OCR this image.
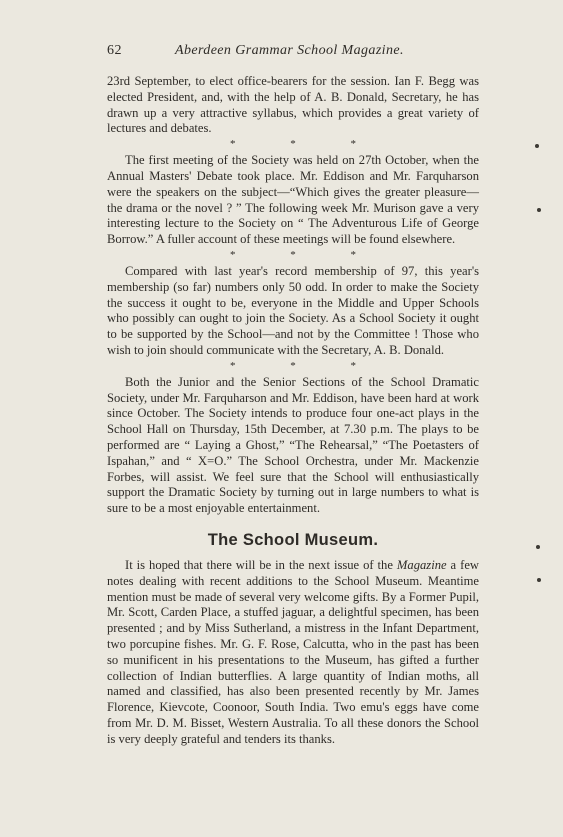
62	Aberdeen Grammar School Magazine.

23rd September, to elect office-bearers for the session. Ian F. Begg was elected President, and, with the help of A. B. Donald, Secretary, he has drawn up a very attractive syllabus, which provides a great variety of lectures and debates.

* * *

The first meeting of the Society was held on 27th October, when the Annual Masters' Debate took place. Mr. Eddison and Mr. Farquharson were the speakers on the subject—“Which gives the greater pleasure—the drama or the novel ? ” The following week Mr. Murison gave a very interesting lecture to the Society on “ The Adventurous Life of George Borrow.” A fuller account of these meetings will be found elsewhere.

* * *

Compared with last year's record membership of 97, this year's membership (so far) numbers only 50 odd. In order to make the Society the success it ought to be, everyone in the Middle and Upper Schools who possibly can ought to join the Society. As a School Society it ought to be supported by the School—and not by the Committee ! Those who wish to join should communicate with the Secretary, A. B. Donald.

* * *

Both the Junior and the Senior Sections of the School Dramatic Society, under Mr. Farquharson and Mr. Eddison, have been hard at work since October. The Society intends to produce four one-act plays in the School Hall on Thursday, 15th December, at 7.30 p.m. The plays to be performed are “ Laying a Ghost,” “The Rehearsal,” “The Poetasters of Ispahan,” and “ X=O.” The School Orchestra, under Mr. Mackenzie Forbes, will assist. We feel sure that the School will enthusiastically support the Dramatic Society by turning out in large numbers to what is sure to be a most enjoyable entertainment.

The School Museum.

It is hoped that there will be in the next issue of the Magazine a few notes dealing with recent additions to the School Museum. Meantime mention must be made of several very welcome gifts. By a Former Pupil, Mr. Scott, Carden Place, a stuffed jaguar, a delightful specimen, has been presented ; and by Miss Sutherland, a mistress in the Infant Department, two porcupine fishes. Mr. G. F. Rose, Calcutta, who in the past has been so munificent in his presentations to the Museum, has gifted a further collection of Indian butterflies. A large quantity of Indian moths, all named and classified, has also been presented recently by Mr. James Florence, Kievcote, Coonoor, South India. Two emu's eggs have come from Mr. D. M. Bisset, Western Australia. To all these donors the School is very deeply grateful and tenders its thanks.
